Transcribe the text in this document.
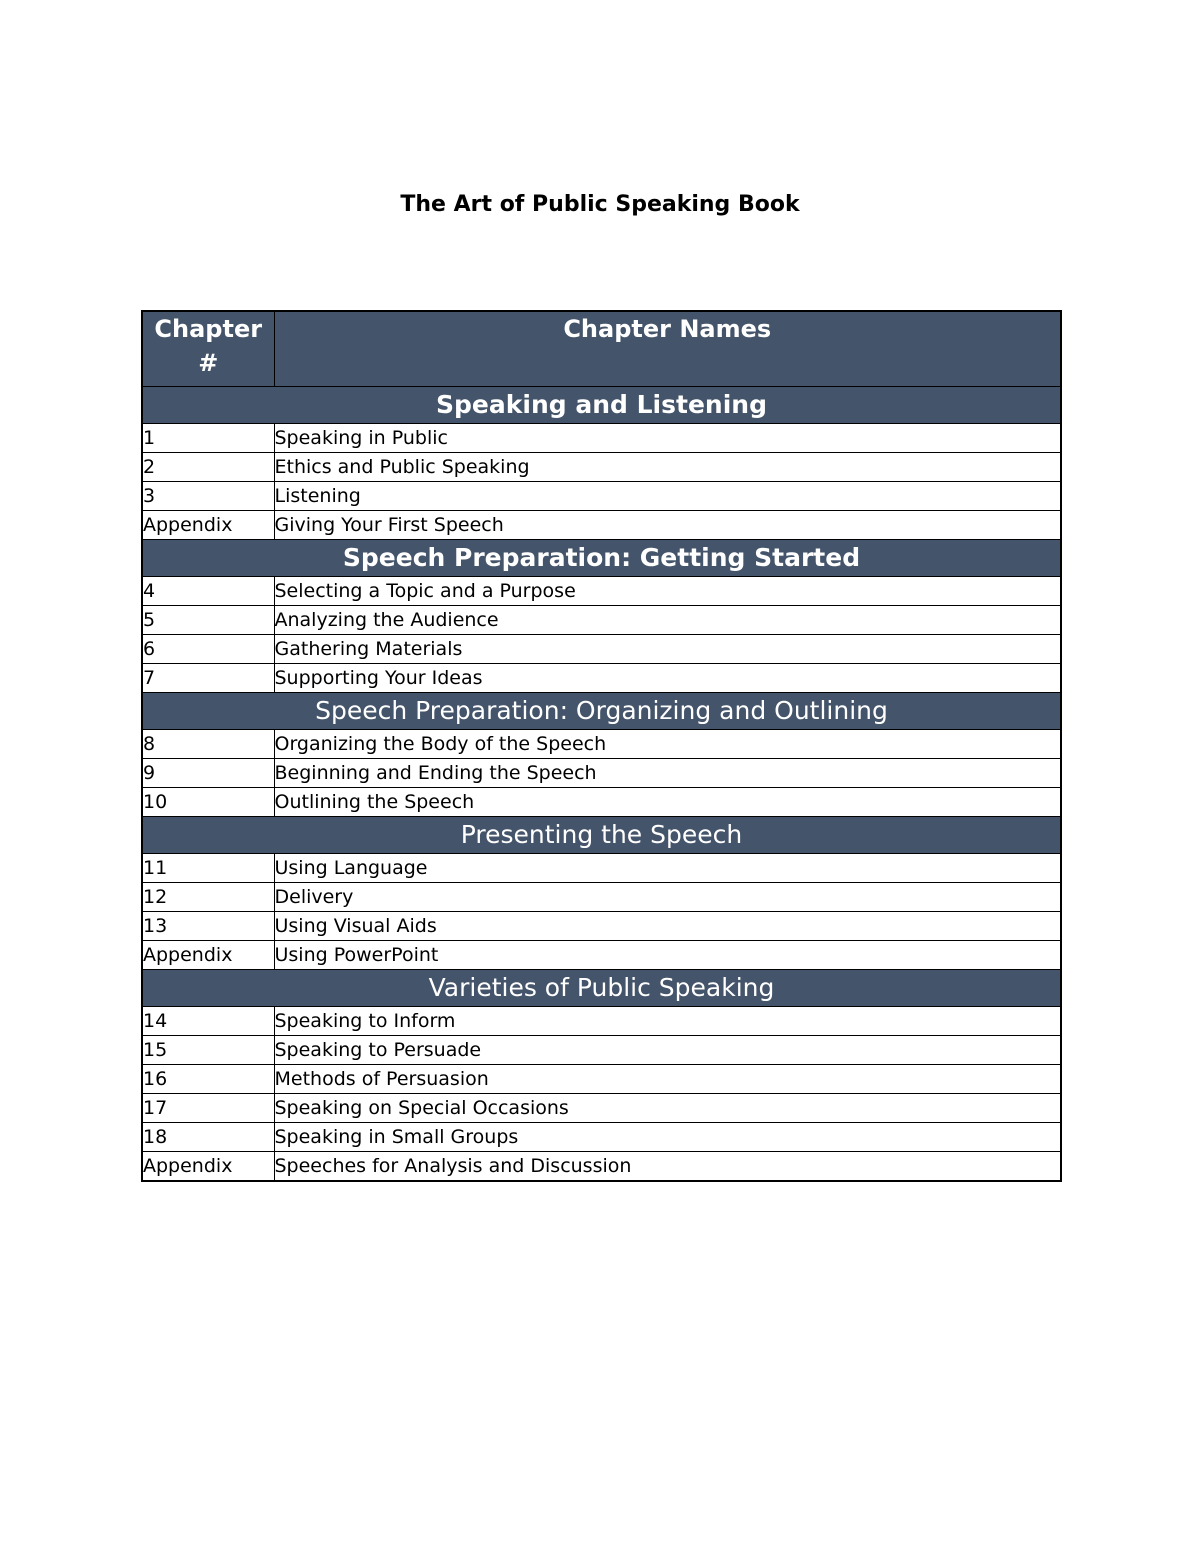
The Art of Public Speaking Book
Chapter #	Chapter Names
Speaking and Listening	
1	Speaking in Public
2	Ethics and Public Speaking
3	Listening
Appendix	Giving Your First Speech
Speech Preparation: Getting Started	
4	Selecting a Topic and a Purpose
5	Analyzing the Audience
6	Gathering Materials
7	Supporting Your Ideas
Speech Preparation: Organizing and Outlining	
8	Organizing the Body of the Speech
9	Beginning and Ending the Speech
10	Outlining the Speech
Presenting the Speech	
11	Using Language
12	Delivery
13	Using Visual Aids
Appendix	Using PowerPoint
Varieties of Public Speaking	
14	Speaking to Inform
15	Speaking to Persuade
16	Methods of Persuasion
17	Speaking on Special Occasions
18	Speaking in Small Groups
Appendix	Speeches for Analysis and Discussion
